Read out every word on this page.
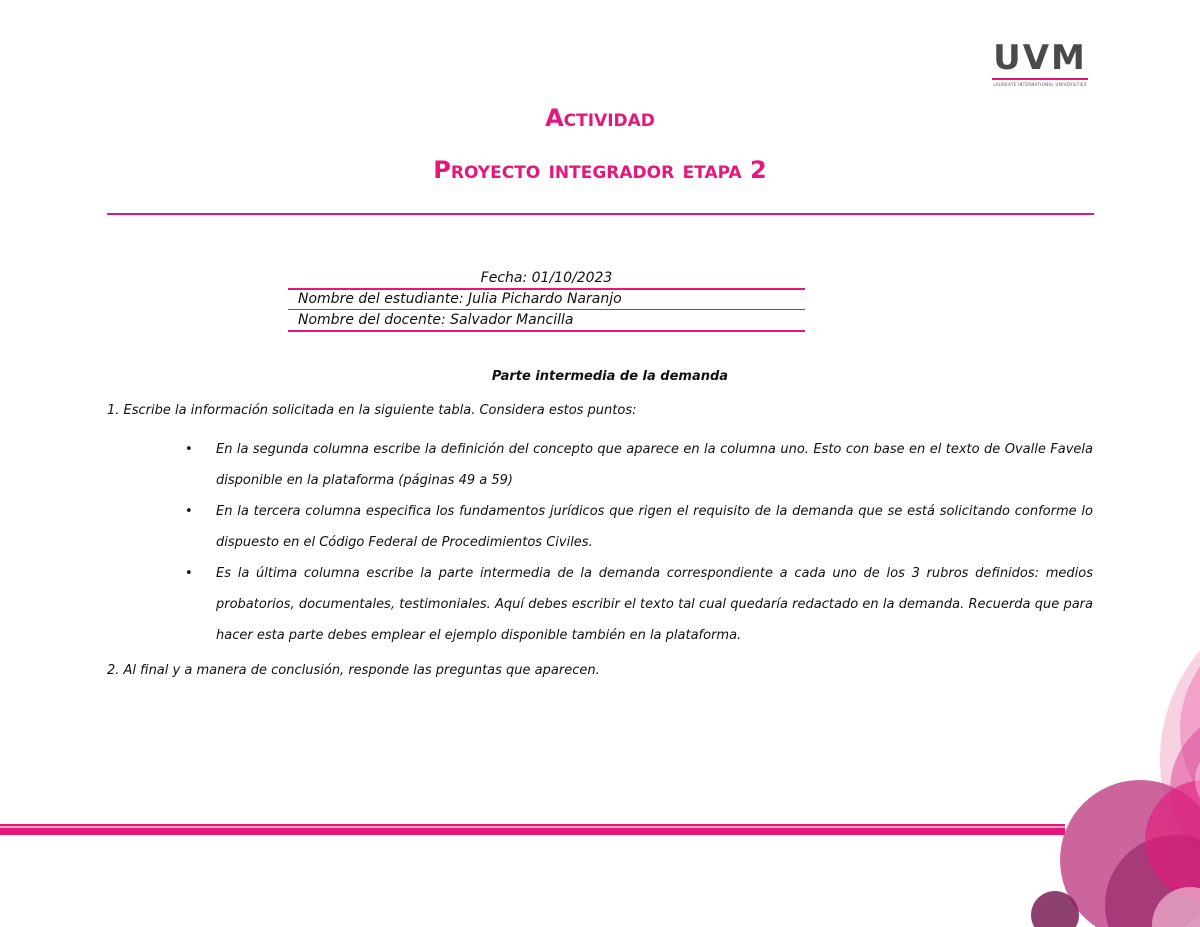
UVM
LAUREATE INTERNATIONAL UNIVERSITIES
Actividad
Proyecto integrador etapa 2
Fecha: 01/10/2023
Nombre del estudiante: Julia Pichardo Naranjo
Nombre del docente: Salvador Mancilla
Parte intermedia de la demanda
1. Escribe la información solicitada en la siguiente tabla. Considera estos puntos:
• En la segunda columna escribe la definición del concepto que aparece en la columna uno. Esto con base en el texto de Ovalle Favela disponible en la plataforma (páginas 49 a 59)
• En la tercera columna especifica los fundamentos jurídicos que rigen el requisito de la demanda que se está solicitando conforme lo dispuesto en el Código Federal de Procedimientos Civiles.
• Es la última columna escribe la parte intermedia de la demanda correspondiente a cada uno de los 3 rubros definidos: medios probatorios, documentales, testimoniales. Aquí debes escribir el texto tal cual quedaría redactado en la demanda. Recuerda que para hacer esta parte debes emplear el ejemplo disponible también en la plataforma.
2. Al final y a manera de conclusión, responde las preguntas que aparecen.
